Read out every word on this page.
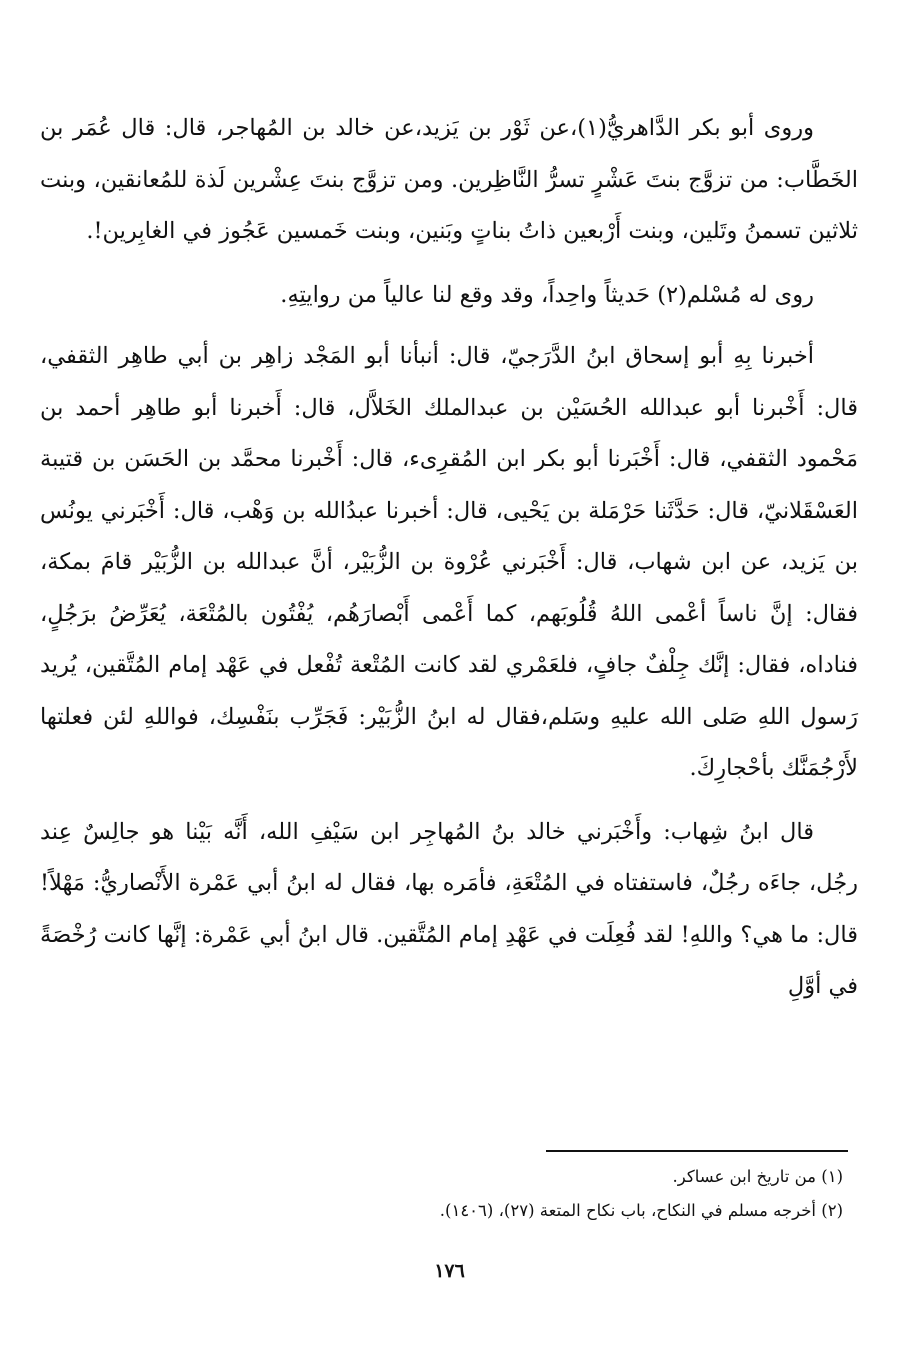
وروى أبو بكر الدَّاهريُّ(١)،عن ثَوْر بن يَزيد،عن خالد بن المُهاجر، قال: قال عُمَر بن الخَطَّاب: من تزوَّج بنتَ عَشْرٍ تسرُّ النَّاظِرين. ومن تزوَّج بنتَ عِشْرين لَذة للمُعانقين، وبنت ثلاثين تسمنُ وتَلين، وبنت أَرْبعين ذاتُ بناتٍ وبَنين، وبنت خَمسين عَجُوز في الغابِرين!.

روى له مُسْلم(٢) حَديثاً واحِداً، وقد وقع لنا عالياً من روايتِهِ.

أخبرنا بِهِ أبو إسحاق ابنُ الدَّرَجيّ، قال: أنبأنا أبو المَجْد زاهِر بن أبي طاهِر الثقفي، قال: أَخْبرنا أبو عبدالله الحُسَيْن بن عبدالملك الخَلاَّل، قال: أَخبرنا أبو طاهِر أحمد بن مَحْمود الثقفي، قال: أَخْبَرنا أبو بكر ابن المُقرِىء، قال: أَخْبرنا محمَّد بن الحَسَن بن قتيبة العَسْقَلانيّ، قال: حَدَّثَنا حَرْمَلة بن يَحْيى، قال: أخبرنا عبدُالله بن وَهْب، قال: أَخْبَرني يونُس بن يَزيد، عن ابن شهاب، قال: أَخْبَرني عُرْوة بن الزُّبَيْر، أنَّ عبدالله بن الزُّبَيْر قامَ بمكة، فقال: إنَّ ناساً أعْمى اللهُ قُلُوبَهم، كما أَعْمى أَبْصارَهُم، يُفْتُون بالمُتْعَة، يُعَرِّضُ برَجُلٍ، فناداه، فقال: إنَّك جِلْفٌ جافٍ، فلعَمْري لقد كانت المُتْعة تُفْعل في عَهْد إمام المُتَّقين، يُريد رَسول اللهِ صَلى الله عليهِ وسَلم،فقال له ابنُ الزُّبَيْر: فَجَرِّب بنَفْسِك، فواللهِ لئن فعلتها لأَرْجُمَنَّك بأحْجارِكَ.

قال ابنُ شِهاب: وأَخْبَرني خالد بنُ المُهاجِر ابن سَيْفِ الله، أَنَّه بَيْنا هو جالِسٌ عِند رجُل، جاءَه رجُلٌ، فاستفتاه في المُتْعَةِ، فأمَره بها، فقال له ابنُ أبي عَمْرة الأَنْصاريُّ: مَهْلاً! قال: ما هي؟ واللهِ! لقد فُعِلَت في عَهْدِ إمام المُتَّقين. قال ابنُ أبي عَمْرة: إنَّها كانت رُخْصَةً في أوَّلِ

(١) من تاريخ ابن عساكر.

(٢) أخرجه مسلم في النكاح، باب نكاح المتعة (٢٧)، (١٤٠٦).

١٧٦
